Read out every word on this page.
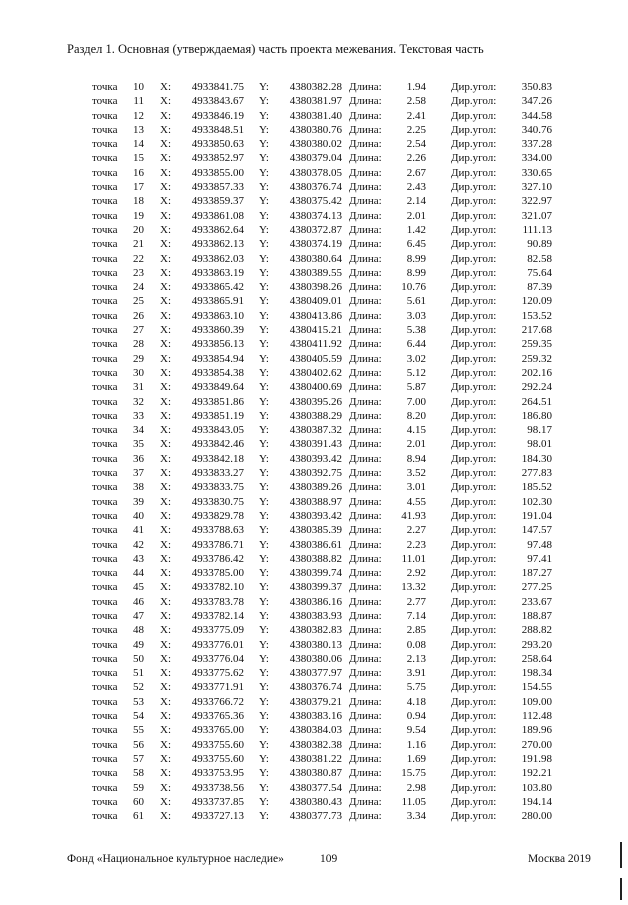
Раздел 1. Основная (утверждаемая) часть проекта межевания. Текстовая часть
точка	10 X:	4933841.75 Y:	4380382.28 Длина:	1.94 Дир.угол:	350.83
точка	11 X:	4933843.67 Y:	4380381.97 Длина:	2.58 Дир.угол:	347.26
точка	12 X:	4933846.19 Y:	4380381.40 Длина:	2.41 Дир.угол:	344.58
точка	13 X:	4933848.51 Y:	4380380.76 Длина:	2.25 Дир.угол:	340.76
точка	14 X:	4933850.63 Y:	4380380.02 Длина:	2.54 Дир.угол:	337.28
точка	15 X:	4933852.97 Y:	4380379.04 Длина:	2.26 Дир.угол:	334.00
точка	16 X:	4933855.00 Y:	4380378.05 Длина:	2.67 Дир.угол:	330.65
точка	17 X:	4933857.33 Y:	4380376.74 Длина:	2.43 Дир.угол:	327.10
точка	18 X:	4933859.37 Y:	4380375.42 Длина:	2.14 Дир.угол:	322.97
точка	19 X:	4933861.08 Y:	4380374.13 Длина:	2.01 Дир.угол:	321.07
точка	20 X:	4933862.64 Y:	4380372.87 Длина:	1.42 Дир.угол:	111.13
точка	21 X:	4933862.13 Y:	4380374.19 Длина:	6.45 Дир.угол:	90.89
точка	22 X:	4933862.03 Y:	4380380.64 Длина:	8.99 Дир.угол:	82.58
точка	23 X:	4933863.19 Y:	4380389.55 Длина:	8.99 Дир.угол:	75.64
точка	24 X:	4933865.42 Y:	4380398.26 Длина:	10.76 Дир.угол:	87.39
точка	25 X:	4933865.91 Y:	4380409.01 Длина:	5.61 Дир.угол:	120.09
точка	26 X:	4933863.10 Y:	4380413.86 Длина:	3.03 Дир.угол:	153.52
точка	27 X:	4933860.39 Y:	4380415.21 Длина:	5.38 Дир.угол:	217.68
точка	28 X:	4933856.13 Y:	4380411.92 Длина:	6.44 Дир.угол:	259.35
точка	29 X:	4933854.94 Y:	4380405.59 Длина:	3.02 Дир.угол:	259.32
точка	30 X:	4933854.38 Y:	4380402.62 Длина:	5.12 Дир.угол:	202.16
точка	31 X:	4933849.64 Y:	4380400.69 Длина:	5.87 Дир.угол:	292.24
точка	32 X:	4933851.86 Y:	4380395.26 Длина:	7.00 Дир.угол:	264.51
точка	33 X:	4933851.19 Y:	4380388.29 Длина:	8.20 Дир.угол:	186.80
точка	34 X:	4933843.05 Y:	4380387.32 Длина:	4.15 Дир.угол:	98.17
точка	35 X:	4933842.46 Y:	4380391.43 Длина:	2.01 Дир.угол:	98.01
точка	36 X:	4933842.18 Y:	4380393.42 Длина:	8.94 Дир.угол:	184.30
точка	37 X:	4933833.27 Y:	4380392.75 Длина:	3.52 Дир.угол:	277.83
точка	38 X:	4933833.75 Y:	4380389.26 Длина:	3.01 Дир.угол:	185.52
точка	39 X:	4933830.75 Y:	4380388.97 Длина:	4.55 Дир.угол:	102.30
точка	40 X:	4933829.78 Y:	4380393.42 Длина:	41.93 Дир.угол:	191.04
точка	41 X:	4933788.63 Y:	4380385.39 Длина:	2.27 Дир.угол:	147.57
точка	42 X:	4933786.71 Y:	4380386.61 Длина:	2.23 Дир.угол:	97.48
точка	43 X:	4933786.42 Y:	4380388.82 Длина:	11.01 Дир.угол:	97.41
точка	44 X:	4933785.00 Y:	4380399.74 Длина:	2.92 Дир.угол:	187.27
точка	45 X:	4933782.10 Y:	4380399.37 Длина:	13.32 Дир.угол:	277.25
точка	46 X:	4933783.78 Y:	4380386.16 Длина:	2.77 Дир.угол:	233.67
точка	47 X:	4933782.14 Y:	4380383.93 Длина:	7.14 Дир.угол:	188.87
точка	48 X:	4933775.09 Y:	4380382.83 Длина:	2.85 Дир.угол:	288.82
точка	49 X:	4933776.01 Y:	4380380.13 Длина:	0.08 Дир.угол:	293.20
точка	50 X:	4933776.04 Y:	4380380.06 Длина:	2.13 Дир.угол:	258.64
точка	51 X:	4933775.62 Y:	4380377.97 Длина:	3.91 Дир.угол:	198.34
точка	52 X:	4933771.91 Y:	4380376.74 Длина:	5.75 Дир.угол:	154.55
точка	53 X:	4933766.72 Y:	4380379.21 Длина:	4.18 Дир.угол:	109.00
точка	54 X:	4933765.36 Y:	4380383.16 Длина:	0.94 Дир.угол:	112.48
точка	55 X:	4933765.00 Y:	4380384.03 Длина:	9.54 Дир.угол:	189.96
точка	56 X:	4933755.60 Y:	4380382.38 Длина:	1.16 Дир.угол:	270.00
точка	57 X:	4933755.60 Y:	4380381.22 Длина:	1.69 Дир.угол:	191.98
точка	58 X:	4933753.95 Y:	4380380.87 Длина:	15.75 Дир.угол:	192.21
точка	59 X:	4933738.56 Y:	4380377.54 Длина:	2.98 Дир.угол:	103.80
точка	60 X:	4933737.85 Y:	4380380.43 Длина:	11.05 Дир.угол:	194.14
точка	61 X:	4933727.13 Y:	4380377.73 Длина:	3.34 Дир.угол:	280.00
Фонд «Национальное культурное наследие»	109	Москва 2019
